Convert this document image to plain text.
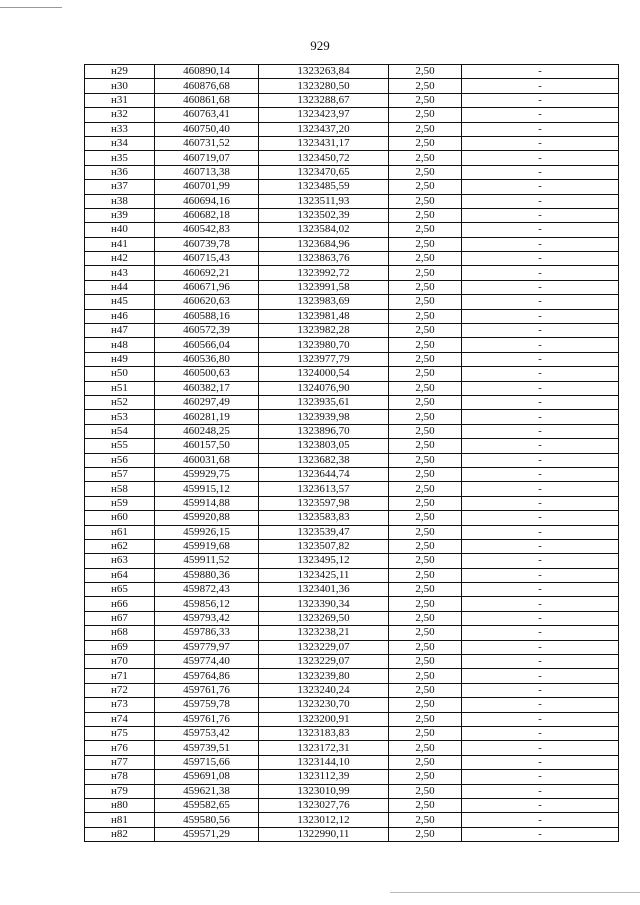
929
н29	460890,14	1323263,84	2,50	-
н30	460876,68	1323280,50	2,50	-
н31	460861,68	1323288,67	2,50	-
н32	460763,41	1323423,97	2,50	-
н33	460750,40	1323437,20	2,50	-
н34	460731,52	1323431,17	2,50	-
н35	460719,07	1323450,72	2,50	-
н36	460713,38	1323470,65	2,50	-
н37	460701,99	1323485,59	2,50	-
н38	460694,16	1323511,93	2,50	-
н39	460682,18	1323502,39	2,50	-
н40	460542,83	1323584,02	2,50	-
н41	460739,78	1323684,96	2,50	-
н42	460715,43	1323863,76	2,50	-
н43	460692,21	1323992,72	2,50	-
н44	460671,96	1323991,58	2,50	-
н45	460620,63	1323983,69	2,50	-
н46	460588,16	1323981,48	2,50	-
н47	460572,39	1323982,28	2,50	-
н48	460566,04	1323980,70	2,50	-
н49	460536,80	1323977,79	2,50	-
н50	460500,63	1324000,54	2,50	-
н51	460382,17	1324076,90	2,50	-
н52	460297,49	1323935,61	2,50	-
н53	460281,19	1323939,98	2,50	-
н54	460248,25	1323896,70	2,50	-
н55	460157,50	1323803,05	2,50	-
н56	460031,68	1323682,38	2,50	-
н57	459929,75	1323644,74	2,50	-
н58	459915,12	1323613,57	2,50	-
н59	459914,88	1323597,98	2,50	-
н60	459920,88	1323583,83	2,50	-
н61	459926,15	1323539,47	2,50	-
н62	459919,68	1323507,82	2,50	-
н63	459911,52	1323495,12	2,50	-
н64	459880,36	1323425,11	2,50	-
н65	459872,43	1323401,36	2,50	-
н66	459856,12	1323390,34	2,50	-
н67	459793,42	1323269,50	2,50	-
н68	459786,33	1323238,21	2,50	-
н69	459779,97	1323229,07	2,50	-
н70	459774,40	1323229,07	2,50	-
н71	459764,86	1323239,80	2,50	-
н72	459761,76	1323240,24	2,50	-
н73	459759,78	1323230,70	2,50	-
н74	459761,76	1323200,91	2,50	-
н75	459753,42	1323183,83	2,50	-
н76	459739,51	1323172,31	2,50	-
н77	459715,66	1323144,10	2,50	-
н78	459691,08	1323112,39	2,50	-
н79	459621,38	1323010,99	2,50	-
н80	459582,65	1323027,76	2,50	-
н81	459580,56	1323012,12	2,50	-
н82	459571,29	1322990,11	2,50	-
